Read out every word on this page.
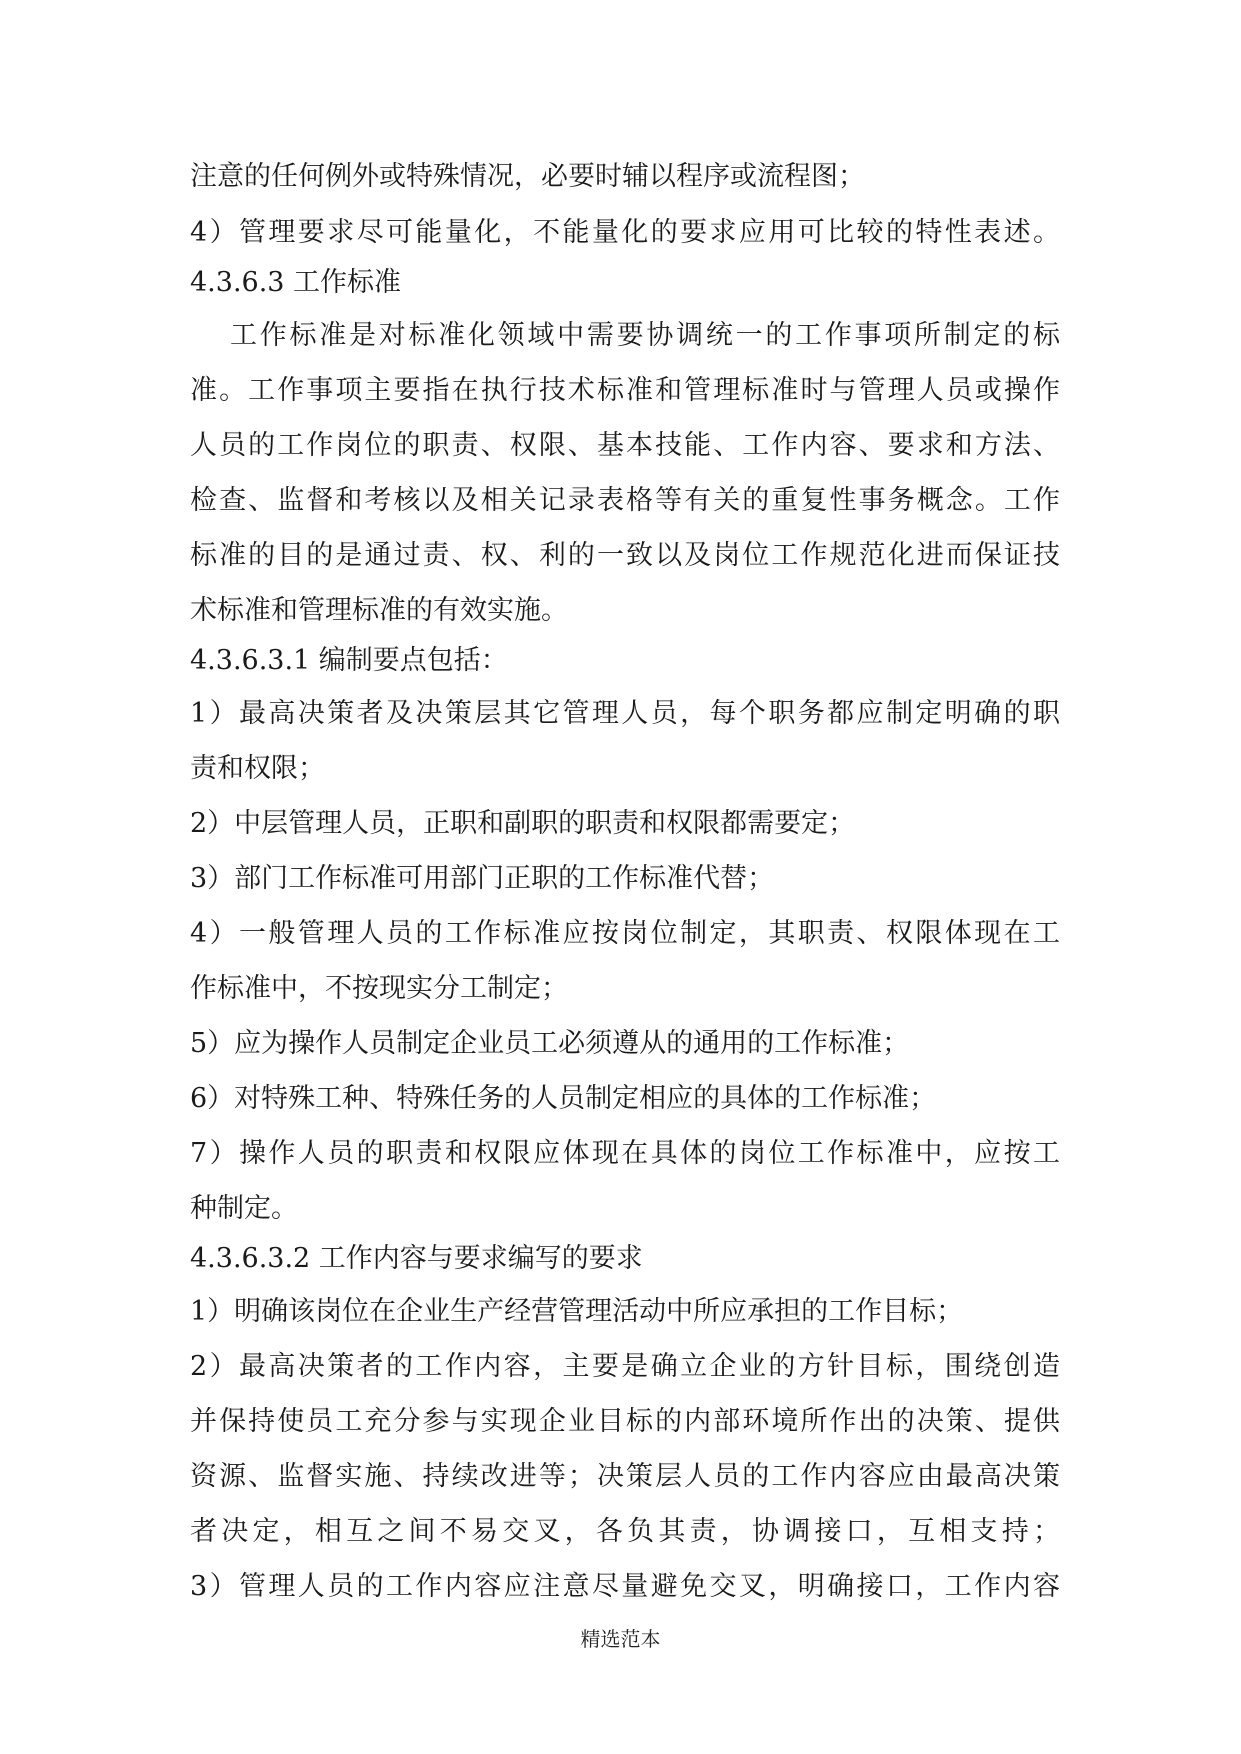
注意的任何例外或特殊情况，必要时辅以程序或流程图；
4）管理要求尽可能量化，不能量化的要求应用可比较的特性表述。
4.3.6.3 工作标准
工作标准是对标准化领域中需要协调统一的工作事项所制定的标
准。工作事项主要指在执行技术标准和管理标准时与管理人员或操作
人员的工作岗位的职责、权限、基本技能、工作内容、要求和方法、
检查、监督和考核以及相关记录表格等有关的重复性事务概念。工作
标准的目的是通过责、权、利的一致以及岗位工作规范化进而保证技
术标准和管理标准的有效实施。
4.3.6.3.1 编制要点包括：
1）最高决策者及决策层其它管理人员，每个职务都应制定明确的职
责和权限；
2）中层管理人员，正职和副职的职责和权限都需要定；
3）部门工作标准可用部门正职的工作标准代替；
4）一般管理人员的工作标准应按岗位制定，其职责、权限体现在工
作标准中，不按现实分工制定；
5）应为操作人员制定企业员工必须遵从的通用的工作标准；
6）对特殊工种、特殊任务的人员制定相应的具体的工作标准；
7）操作人员的职责和权限应体现在具体的岗位工作标准中，应按工
种制定。
4.3.6.3.2 工作内容与要求编写的要求
1）明确该岗位在企业生产经营管理活动中所应承担的工作目标；
2）最高决策者的工作内容，主要是确立企业的方针目标，围绕创造
并保持使员工充分参与实现企业目标的内部环境所作出的决策、提供
资源、监督实施、持续改进等；决策层人员的工作内容应由最高决策
者决定，相互之间不易交叉，各负其责，协调接口，互相支持；
3）管理人员的工作内容应注意尽量避免交叉，明确接口，工作内容
精选范本
